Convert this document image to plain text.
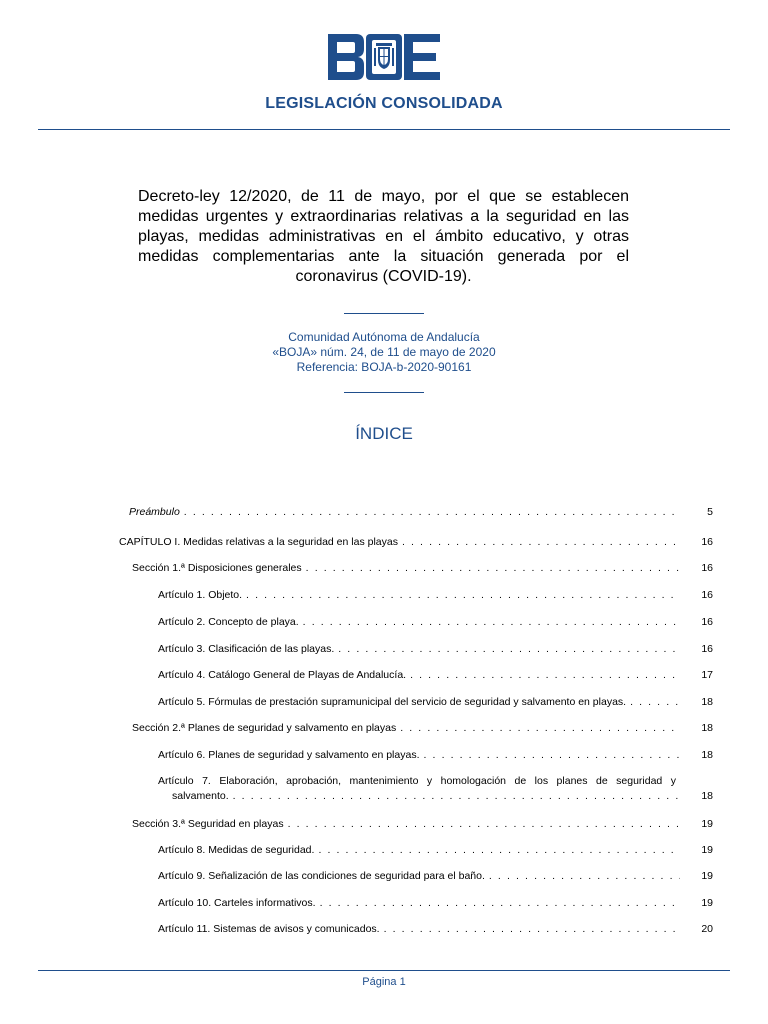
LEGISLACIÓN CONSOLIDADA
Decreto-ley 12/2020, de 11 de mayo, por el que se establecen medidas urgentes y extraordinarias relativas a la seguridad en las playas, medidas administrativas en el ámbito educativo, y otras medidas complementarias ante la situación generada por el coronavirus (COVID-19).
Comunidad Autónoma de Andalucía
«BOJA» núm. 24, de 11 de mayo de 2020
Referencia: BOJA-b-2020-90161
ÍNDICE
Preámbulo . . .	5
CAPÍTULO I. Medidas relativas a la seguridad en las playas . . .	16
Sección 1.ª Disposiciones generales . . .	16
Artículo 1. Objeto. . . .	16
Artículo 2. Concepto de playa. . . .	16
Artículo 3. Clasificación de las playas. . . .	16
Artículo 4. Catálogo General de Playas de Andalucía. . . .	17
Artículo 5. Fórmulas de prestación supramunicipal del servicio de seguridad y salvamento en playas. . . .	18
Sección 2.ª Planes de seguridad y salvamento en playas . . .	18
Artículo 6. Planes de seguridad y salvamento en playas. . . .	18
Artículo 7. Elaboración, aprobación, mantenimiento y homologación de los planes de seguridad y
salvamento. . . .	18
Sección 3.ª Seguridad en playas . . .	19
Artículo 8. Medidas de seguridad. . . .	19
Artículo 9. Señalización de las condiciones de seguridad para el baño. . . .	19
Artículo 10. Carteles informativos. . . .	19
Artículo 11. Sistemas de avisos y comunicados. . . .	20
Página 1
